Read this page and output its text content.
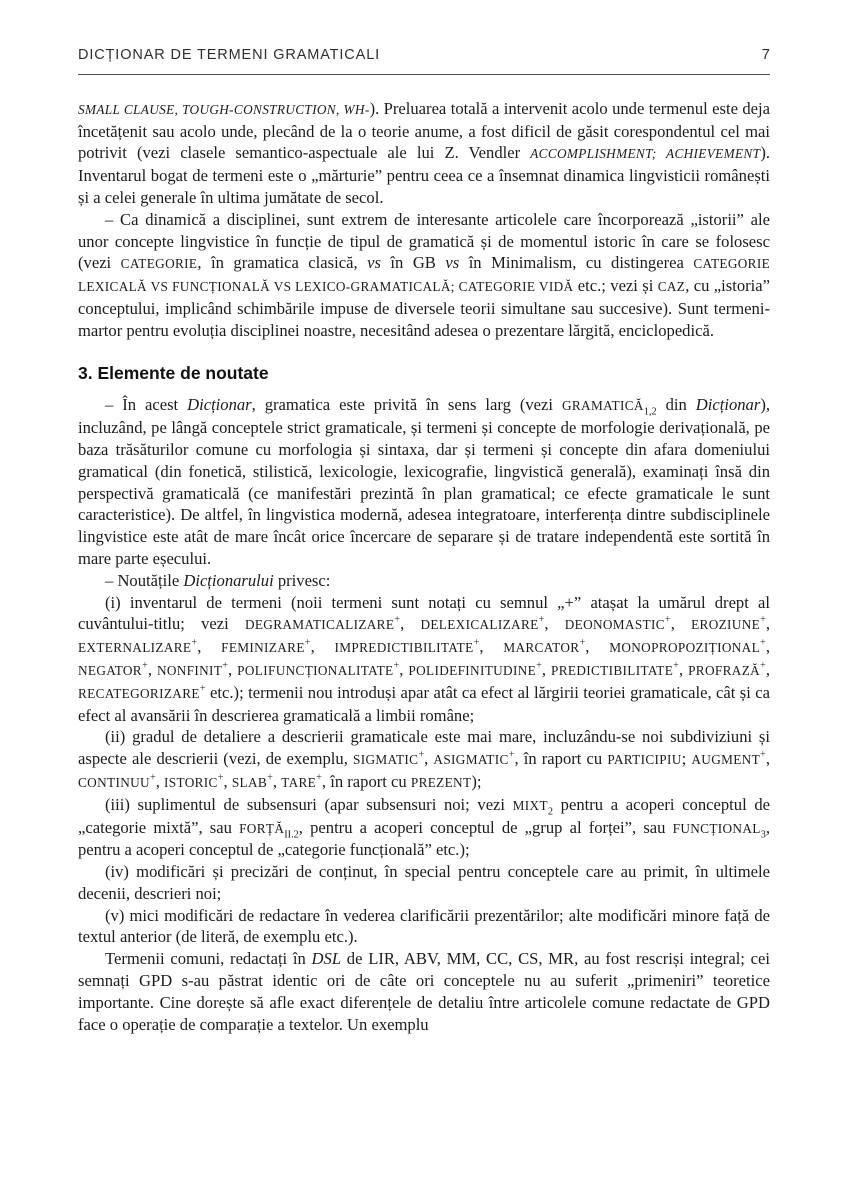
DICȚIONAR DE TERMENI GRAMATICALI	7

SMALL CLAUSE, TOUGH-CONSTRUCTION, WH-). Preluarea totală a intervenit acolo unde termenul este deja încetățenit sau acolo unde, plecând de la o teorie anume, a fost dificil de găsit corespondentul cel mai potrivit (vezi clasele semantico-aspectuale ale lui Z. Vendler ACCOMPLISHMENT; ACHIEVEMENT). Inventarul bogat de termeni este o „mărturie” pentru ceea ce a însemnat dinamica lingvisticii românești și a celei generale în ultima jumătate de secol.

– Ca dinamică a disciplinei, sunt extrem de interesante articolele care încorporează „istorii” ale unor concepte lingvistice în funcție de tipul de gramatică și de momentul istoric în care se folosesc (vezi CATEGORIE, în gramatica clasică, vs în GB vs în Minimalism, cu distingerea CATEGORIE LEXICALĂ VS FUNCȚIONALĂ VS LEXICO-GRAMATICALĂ; CATEGORIE VIDĂ etc.; vezi și CAZ, cu „istoria” conceptului, implicând schimbările impuse de diversele teorii simultane sau succesive). Sunt termeni-martor pentru evoluția disciplinei noastre, necesitând adesea o prezentare lărgită, enciclopedică.

3. Elemente de noutate

– În acest Dicționar, gramatica este privită în sens larg (vezi $GRAMATICĂ_{1,2}$ din Dicționar), incluzând, pe lângă conceptele strict gramaticale, și termeni și concepte de morfologie derivațională, pe baza trăsăturilor comune cu morfologia și sintaxa, dar și termeni și concepte din afara domeniului gramatical (din fonetică, stilistică, lexicologie, lexicografie, lingvistică generală), examinați însă din perspectivă gramaticală (ce manifestări prezintă în plan gramatical; ce efecte gramaticale le sunt caracteristice). De altfel, în lingvistica modernă, adesea integratoare, interferența dintre subdisciplinele lingvistice este atât de mare încât orice încercare de separare și de tratare independentă este sortită în mare parte eșecului.

– Noutățile Dicționarului privesc:

(i) inventarul de termeni (noii termeni sunt notați cu semnul „+” atașat la umărul drept al cuvântului-titlu; vezi DEGRAMATICALIZARE+, DELEXICALIZARE+, DEONOMASTIC+, EROZIUNE+, EXTERNALIZARE+, FEMINIZARE+, IMPREDICTIBILITATE+, MARCATOR+, MONOPROPOZIȚIONAL+, NEGATOR+, NONFINIT+, POLIFUNCȚIONALITATE+, POLIDEFINITUDINE+, PREDICTIBILITATE+, PROFRAZĂ+, RECATEGORIZARE+ etc.); termenii nou introduși apar atât ca efect al lărgirii teoriei gramaticale, cât și ca efect al avansării în descrierea gramaticală a limbii române;

(ii) gradul de detaliere a descrierii gramaticale este mai mare, incluzându-se noi subdiviziuni și aspecte ale descrierii (vezi, de exemplu, SIGMATIC+, ASIGMATIC+, în raport cu PARTICIPIU; AUGMENT+, CONTINUU+, ISTORIC+, SLAB+, TARE+, în raport cu PREZENT);

(iii) suplimentul de subsensuri (apar subsensuri noi; vezi $MIXT_2$ pentru a acoperi conceptul de „categorie mixtă”, sau $FORȚĂ_{II.2}$, pentru a acoperi conceptul de „grup al forței”, sau $FUNCȚIONAL_3$, pentru a acoperi conceptul de „categorie funcțională” etc.);

(iv) modificări și precizări de conținut, în special pentru conceptele care au primit, în ultimele decenii, descrieri noi;

(v) mici modificări de redactare în vederea clarificării prezentărilor; alte modificări minore față de textul anterior (de literă, de exemplu etc.).

Termenii comuni, redactați în DSL de LIR, ABV, MM, CC, CS, MR, au fost rescriși integral; cei semnați GPD s-au păstrat identic ori de câte ori conceptele nu au suferit „primeniri” teoretice importante. Cine dorește să afle exact diferențele de detaliu între articolele comune redactate de GPD face o operație de comparație a textelor. Un exemplu
